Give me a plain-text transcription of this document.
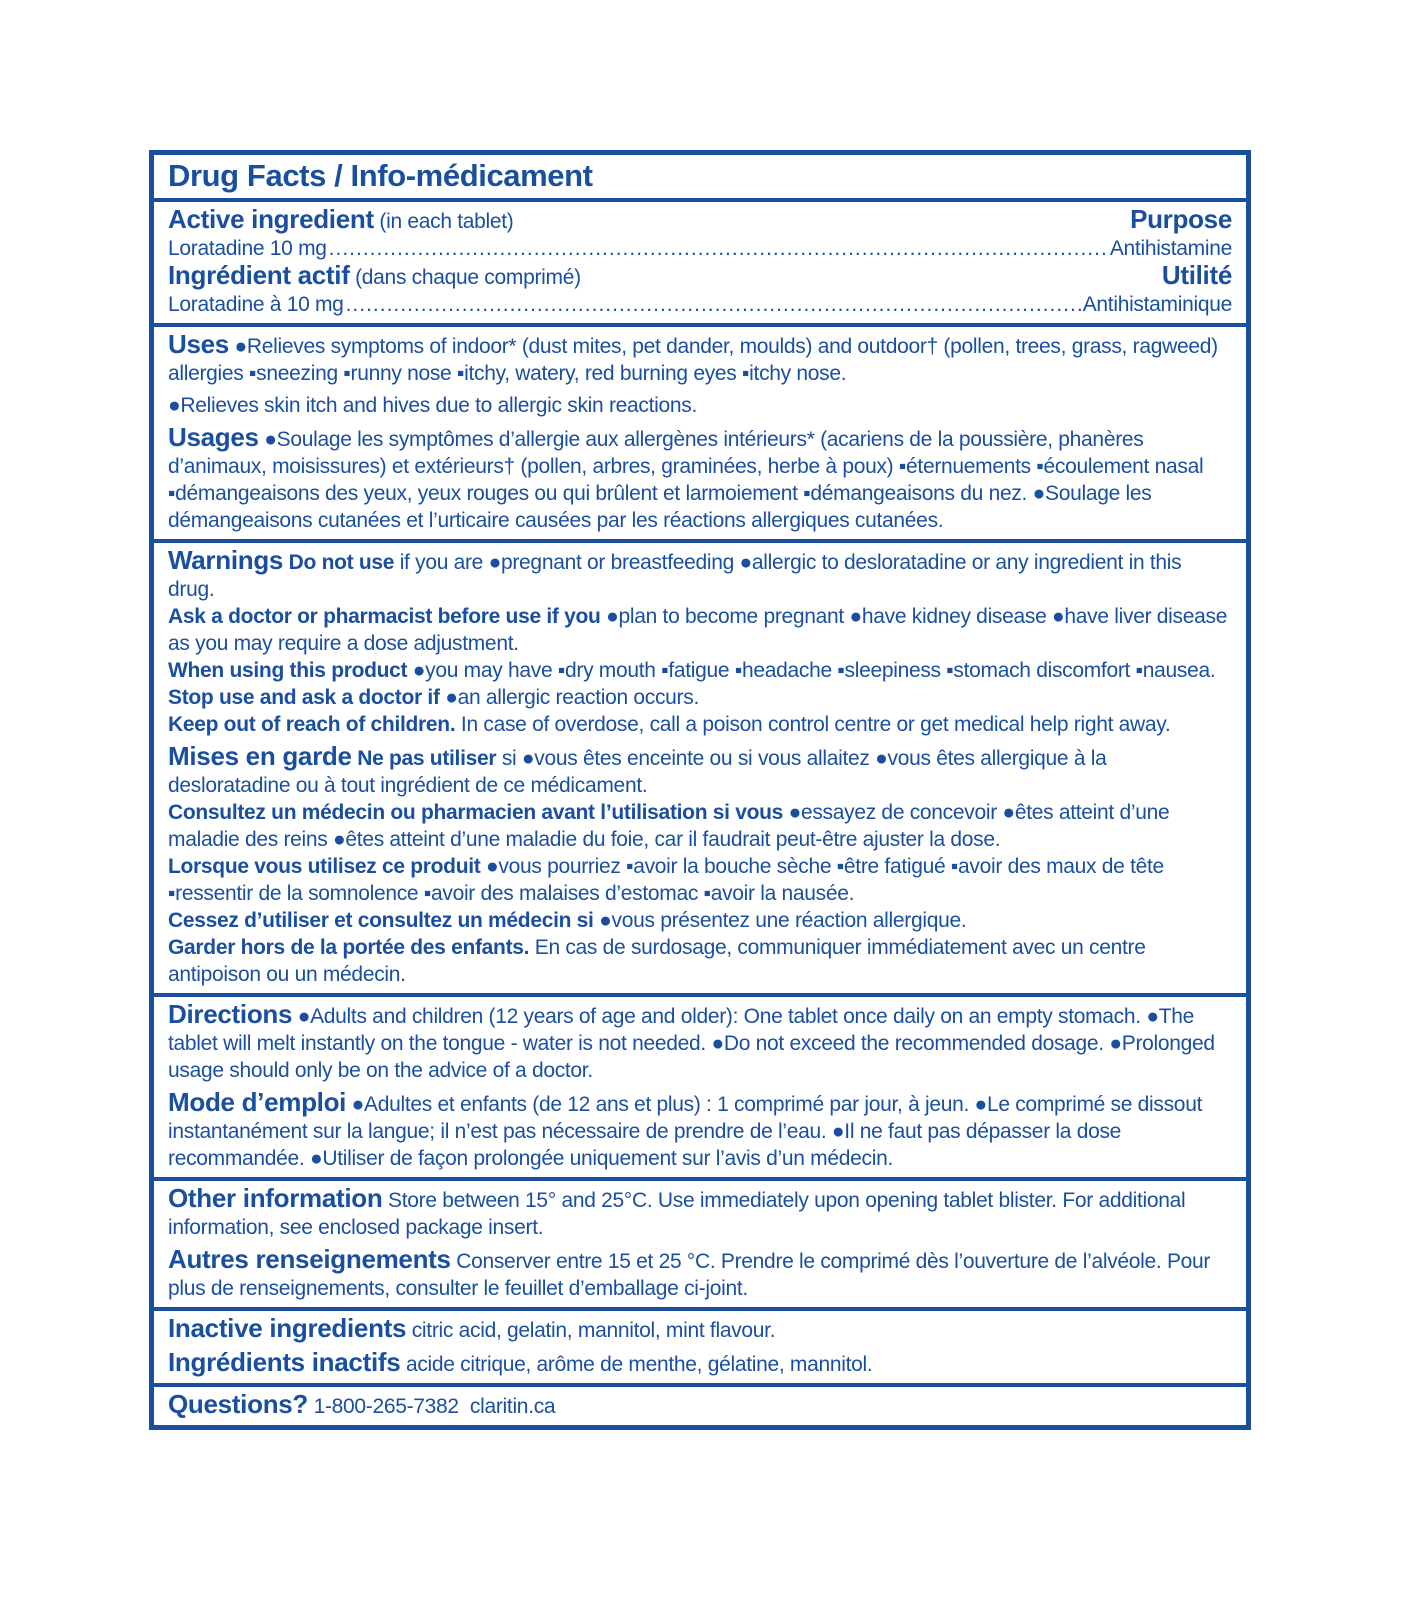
Drug Facts / Info-médicament
Active ingredient (in each tablet)	Purpose
Loratadine 10 mg .....	Antihistamine
Ingrédient actif (dans chaque comprimé)	Utilité
Loratadine à 10 mg .....	Antihistaminique

Uses ●Relieves symptoms of indoor* (dust mites, pet dander, moulds) and outdoor† (pollen, trees, grass, ragweed) allergies ▪sneezing ▪runny nose ▪itchy, watery, red burning eyes ▪itchy nose.

●Relieves skin itch and hives due to allergic skin reactions.

Usages ●Soulage les symptômes d’allergie aux allergènes intérieurs* (acariens de la poussière, phanères d’animaux, moisissures) et extérieurs† (pollen, arbres, graminées, herbe à poux) ▪éternuements ▪écoulement nasal ▪démangeaisons des yeux, yeux rouges ou qui brûlent et larmoiement ▪démangeaisons du nez. ●Soulage les démangeaisons cutanées et l’urticaire causées par les réactions allergiques cutanées.

Warnings Do not use if you are ●pregnant or breastfeeding ●allergic to desloratadine or any ingredient in this drug.

Ask a doctor or pharmacist before use if you ●plan to become pregnant ●have kidney disease ●have liver disease as you may require a dose adjustment.

When using this product ●you may have ▪dry mouth ▪fatigue ▪headache ▪sleepiness ▪stomach discomfort ▪nausea.

Stop use and ask a doctor if ●an allergic reaction occurs.

Keep out of reach of children. In case of overdose, call a poison control centre or get medical help right away.

Mises en garde Ne pas utiliser si ●vous êtes enceinte ou si vous allaitez ●vous êtes allergique à la desloratadine ou à tout ingrédient de ce médicament.

Consultez un médecin ou pharmacien avant l’utilisation si vous ●essayez de concevoir ●êtes atteint d’une maladie des reins ●êtes atteint d’une maladie du foie, car il faudrait peut-être ajuster la dose.

Lorsque vous utilisez ce produit ●vous pourriez ▪avoir la bouche sèche ▪être fatigué ▪avoir des maux de tête ▪ressentir de la somnolence ▪avoir des malaises d’estomac ▪avoir la nausée.

Cessez d’utiliser et consultez un médecin si ●vous présentez une réaction allergique.

Garder hors de la portée des enfants. En cas de surdosage, communiquer immédiatement avec un centre antipoison ou un médecin.

Directions ●Adults and children (12 years of age and older): One tablet once daily on an empty stomach. ●The tablet will melt instantly on the tongue - water is not needed. ●Do not exceed the recommended dosage. ●Prolonged usage should only be on the advice of a doctor.

Mode d’emploi ●Adultes et enfants (de 12 ans et plus) : 1 comprimé par jour, à jeun. ●Le comprimé se dissout instantanément sur la langue; il n’est pas nécessaire de prendre de l’eau. ●Il ne faut pas dépasser la dose recommandée. ●Utiliser de façon prolongée uniquement sur l’avis d’un médecin.

Other information Store between 15° and 25°C. Use immediately upon opening tablet blister. For additional information, see enclosed package insert.

Autres renseignements Conserver entre 15 et 25 °C. Prendre le comprimé dès l’ouverture de l’alvéole. Pour plus de renseignements, consulter le feuillet d’emballage ci-joint.

Inactive ingredients citric acid, gelatin, mannitol, mint flavour.

Ingrédients inactifs acide citrique, arôme de menthe, gélatine, mannitol.

Questions? 1-800-265-7382 claritin.ca
